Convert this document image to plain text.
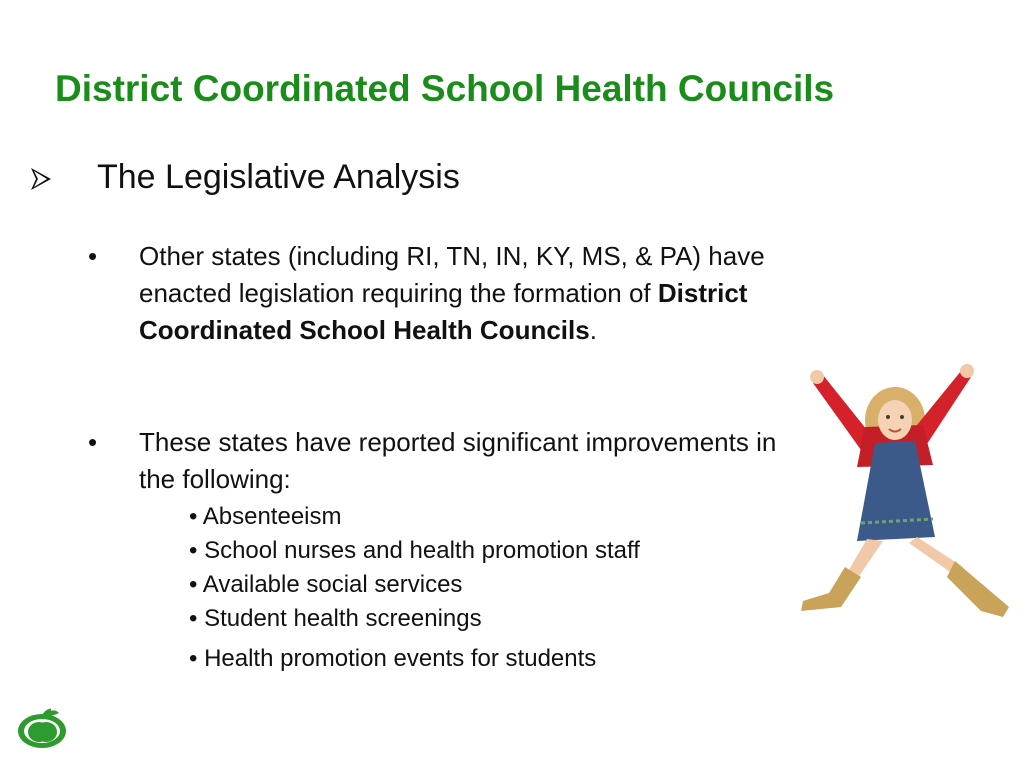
District Coordinated School Health Councils
The Legislative Analysis
• Other states (including RI, TN, IN, KY, MS, & PA) have enacted legislation requiring the formation of District Coordinated School Health Councils.
• These states have reported significant improvements in the following:
• Absenteeism
• School nurses and health promotion staff
• Available social services
• Student health screenings
• Health promotion events for students
